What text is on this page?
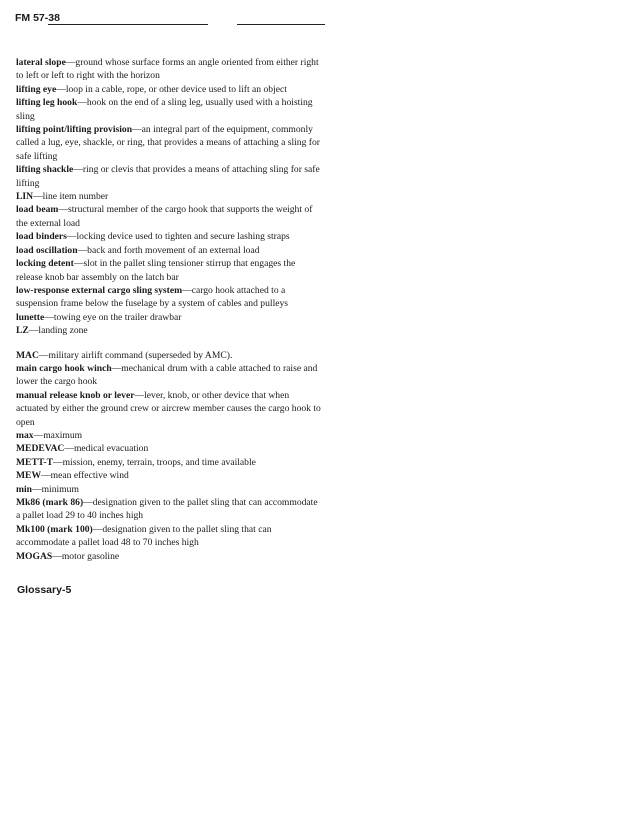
FM 57-38

lateral slope—ground whose surface forms an angle oriented from either right to left or left to right with the horizon

lifting eye—loop in a cable, rope, or other device used to lift an object

lifting leg hook—hook on the end of a sling leg, usually used with a hoisting sling

lifting point/lifting provision—an integral part of the equipment, commonly called a lug, eye, shackle, or ring, that provides a means of attaching a sling for safe lifting

lifting shackle—ring or clevis that provides a means of attaching sling for safe lifting

LIN—line item number

load beam—structural member of the cargo hook that supports the weight of the external load

load binders—locking device used to tighten and secure lashing straps

load oscillation—back and forth movement of an external load

locking detent—slot in the pallet sling tensioner stirrup that engages the release knob bar assembly on the latch bar

low-response external cargo sling system—cargo hook attached to a suspension frame below the fuselage by a system of cables and pulleys

lunette—towing eye on the trailer drawbar

LZ—landing zone

MAC—military airlift command (superseded by AMC).

main cargo hook winch—mechanical drum with a cable attached to raise and lower the cargo hook

manual release knob or lever—lever, knob, or other device that when actuated by either the ground crew or aircrew member causes the cargo hook to open

max—maximum

MEDEVAC—medical evacuation

METT-T—mission, enemy, terrain, troops, and time available

MEW—mean effective wind

min—minimum

Mk86 (mark 86)—designation given to the pallet sling that can accommodate a pallet load 29 to 40 inches high

Mk100 (mark 100)—designation given to the pallet sling that can accommodate a pallet load 48 to 70 inches high

MOGAS—motor gasoline

Glossary-5
